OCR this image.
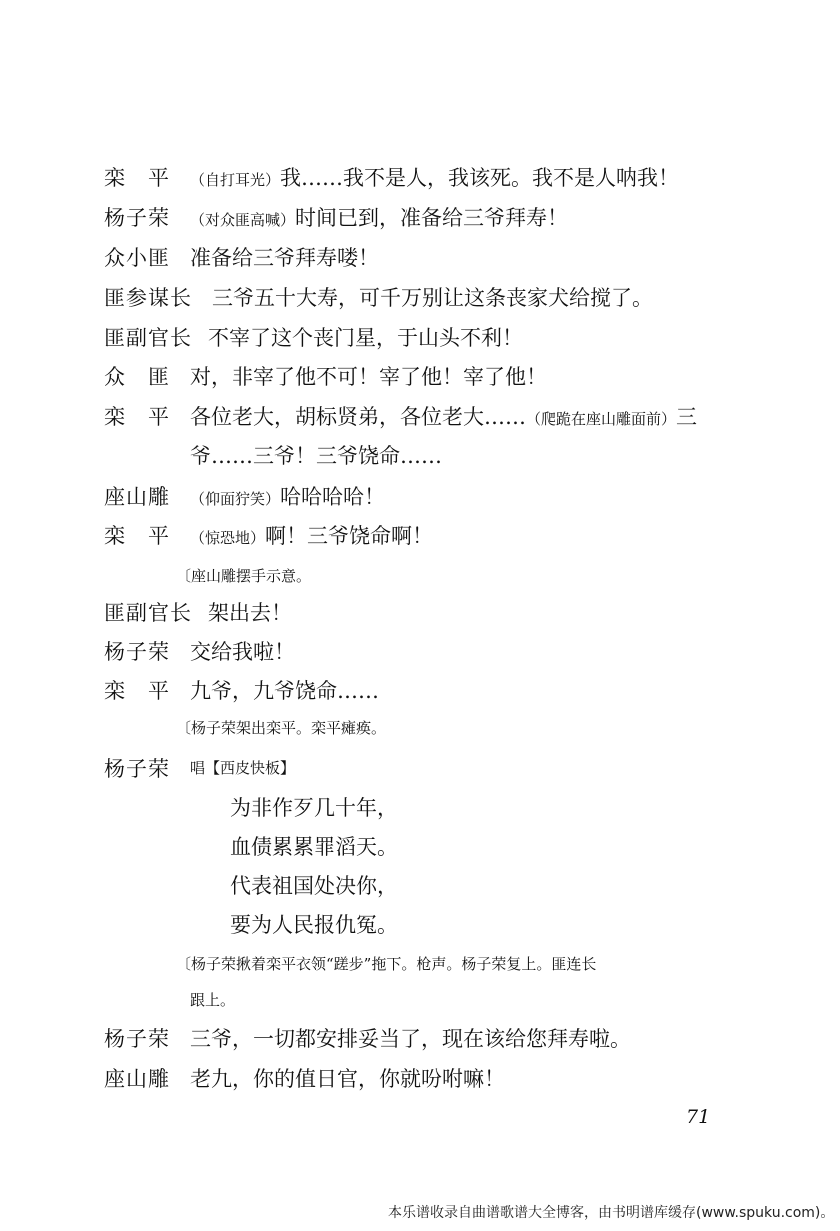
栾　平 （自打耳光）我……我不是人，我该死。我不是人呐我！
杨子荣 （对众匪高喊）时间已到，准备给三爷拜寿！
众小匪 准备给三爷拜寿喽！
匪参谋长 三爷五十大寿，可千万别让这条丧家犬给搅了。
匪副官长 不宰了这个丧门星，于山头不利！
众　匪 对，非宰了他不可！宰了他！宰了他！
栾　平 各位老大，胡标贤弟，各位老大……（爬跪在座山雕面前）三
爷……三爷！三爷饶命……
座山雕 （仰面狞笑）哈哈哈哈！
栾　平 （惊恐地）啊！三爷饶命啊！
〔座山雕摆手示意。
匪副官长 架出去！
杨子荣 交给我啦！
栾　平 九爷，九爷饶命……
〔杨子荣架出栾平。栾平瘫痪。
杨子荣 唱【西皮快板】
为非作歹几十年，
血债累累罪滔天。
代表祖国处决你，
要为人民报仇冤。
〔杨子荣揪着栾平衣领“蹉步”拖下。枪声。杨子荣复上。匪连长
跟上。
杨子荣 三爷，一切都安排妥当了，现在该给您拜寿啦。
座山雕 老九，你的值日官，你就吩咐嘛！
71
本乐谱收录自曲谱歌谱大全博客，由书明谱库缓存(www.spuku.com)。
